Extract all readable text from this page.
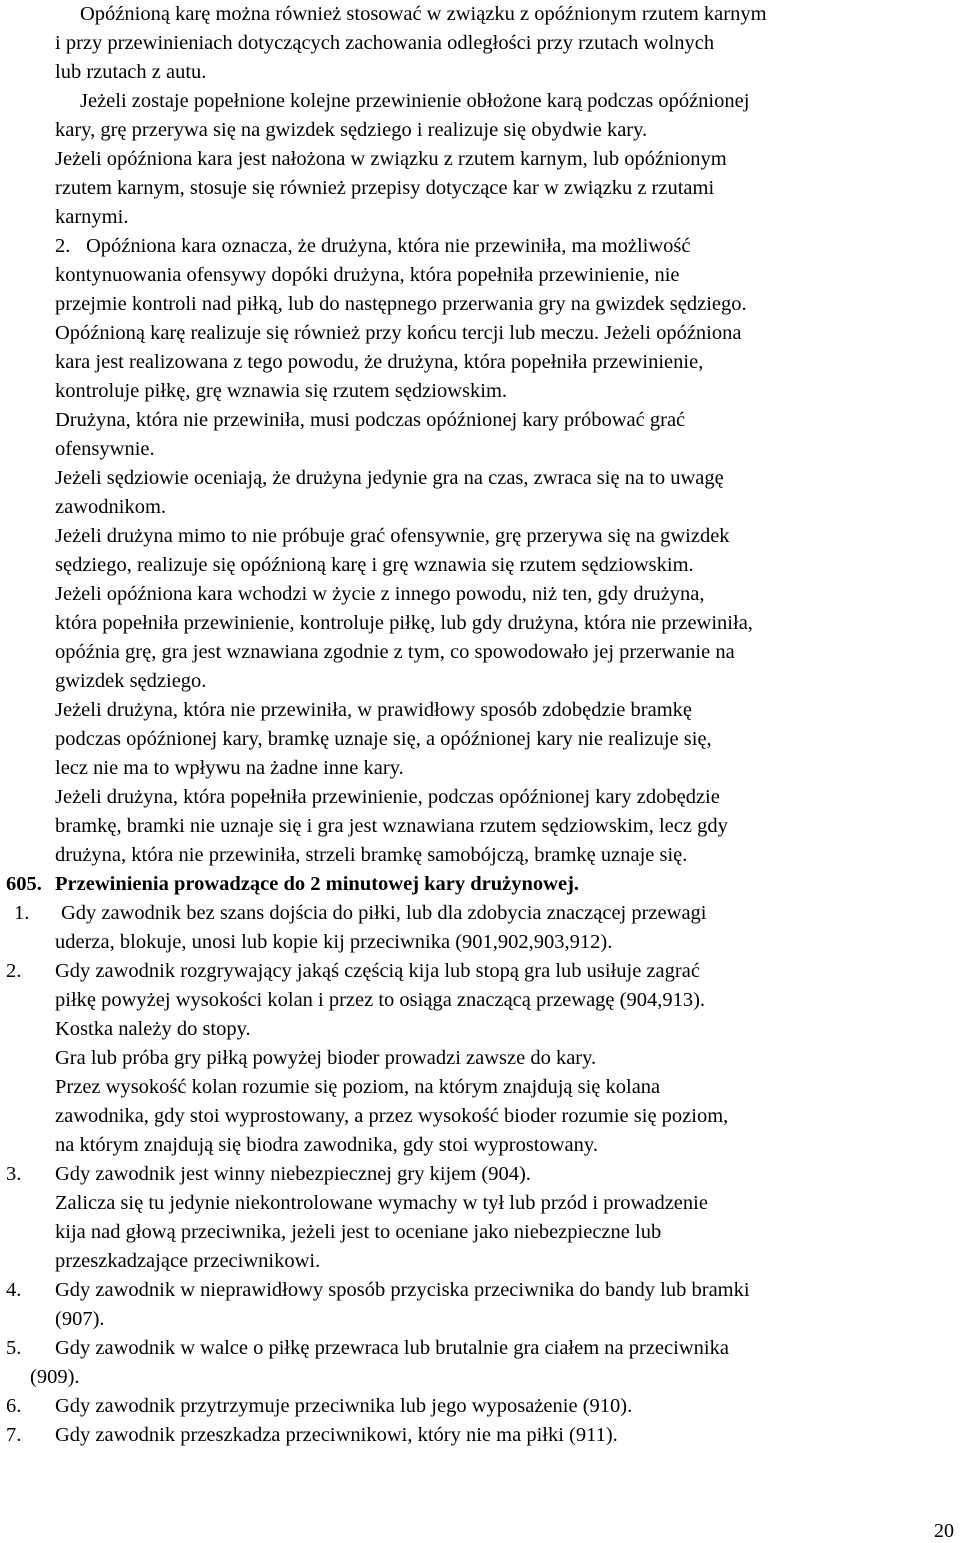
Opóźnioną karę można również stosować w związku z opóźnionym rzutem karnym

i przy przewinieniach dotyczących zachowania odległości przy rzutach wolnych

lub rzutach z autu.

Jeżeli zostaje popełnione kolejne przewinienie obłożone karą podczas opóźnionej

kary, grę przerywa się na gwizdek sędziego i realizuje się obydwie kary.

Jeżeli opóźniona kara jest nałożona w związku z rzutem karnym, lub opóźnionym

rzutem karnym, stosuje się również przepisy dotyczące kar w związku z rzutami

karnymi.

2. Opóźniona kara oznacza, że drużyna, która nie przewiniła, ma możliwość

kontynuowania ofensywy dopóki drużyna, która popełniła przewinienie, nie

przejmie kontroli nad piłką, lub do następnego przerwania gry na gwizdek sędziego.

Opóźnioną karę realizuje się również przy końcu tercji lub meczu. Jeżeli opóźniona

kara jest realizowana z tego powodu, że drużyna, która popełniła przewinienie,

kontroluje piłkę, grę wznawia się rzutem sędziowskim.

Drużyna, która nie przewiniła, musi podczas opóźnionej kary próbować grać

ofensywnie.

Jeżeli sędziowie oceniają, że drużyna jedynie gra na czas, zwraca się na to uwagę

zawodnikom.

Jeżeli drużyna mimo to nie próbuje grać ofensywnie, grę przerywa się na gwizdek

sędziego, realizuje się opóźnioną karę i grę wznawia się rzutem sędziowskim.

Jeżeli opóźniona kara wchodzi w życie z innego powodu, niż ten, gdy drużyna,

która popełniła przewinienie, kontroluje piłkę, lub gdy drużyna, która nie przewiniła,

opóźnia grę, gra jest wznawiana zgodnie z tym, co spowodowało jej przerwanie na

gwizdek sędziego.

Jeżeli drużyna, która nie przewiniła, w prawidłowy sposób zdobędzie bramkę

podczas opóźnionej kary, bramkę uznaje się, a opóźnionej kary nie realizuje się,

lecz nie ma to wpływu na żadne inne kary.

Jeżeli drużyna, która popełniła przewinienie, podczas opóźnionej kary zdobędzie

bramkę, bramki nie uznaje się i gra jest wznawiana rzutem sędziowskim, lecz gdy

drużyna, która nie przewiniła, strzeli bramkę samobójczą, bramkę uznaje się.

605. Przewinienia prowadzące do 2 minutowej kary drużynowej.

1. Gdy zawodnik bez szans dojścia do piłki, lub dla zdobycia znaczącej przewagi

uderza, blokuje, unosi lub kopie kij przeciwnika (901,902,903,912).

2. Gdy zawodnik rozgrywający jakąś częścią kija lub stopą gra lub usiłuje zagrać

piłkę powyżej wysokości kolan i przez to osiąga znaczącą przewagę (904,913).

Kostka należy do stopy.

Gra lub próba gry piłką powyżej bioder prowadzi zawsze do kary.

Przez wysokość kolan rozumie się poziom, na którym znajdują się kolana

zawodnika, gdy stoi wyprostowany, a przez wysokość bioder rozumie się poziom,

na którym znajdują się biodra zawodnika, gdy stoi wyprostowany.

3. Gdy zawodnik jest winny niebezpiecznej gry kijem (904).

Zalicza się tu jedynie niekontrolowane wymachy w tył lub przód i prowadzenie

kija nad głową przeciwnika, jeżeli jest to oceniane jako niebezpieczne lub

przeszkadzające przeciwnikowi.

4. Gdy zawodnik w nieprawidłowy sposób przyciska przeciwnika do bandy lub bramki

(907).

5. Gdy zawodnik w walce o piłkę przewraca lub brutalnie gra ciałem na przeciwnika

(909).

6. Gdy zawodnik przytrzymuje przeciwnika lub jego wyposażenie (910).

7. Gdy zawodnik przeszkadza przeciwnikowi, który nie ma piłki (911).

20
